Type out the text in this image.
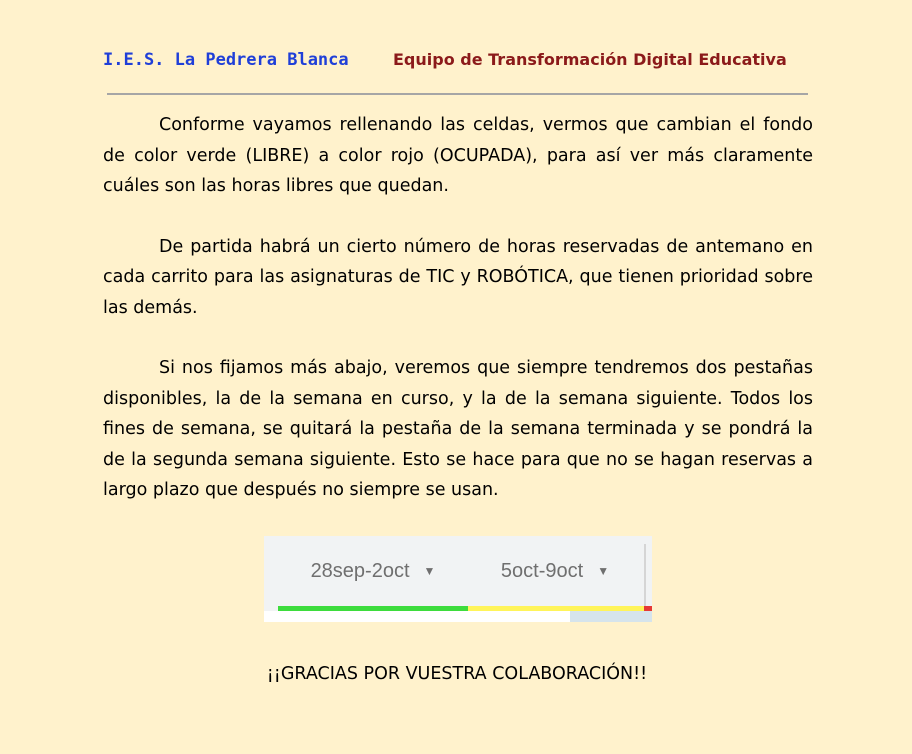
I.E.S. La Pedrera Blanca	Equipo de Transformación Digital Educativa

Conforme vayamos rellenando las celdas, vermos que cambian el fondo de color verde (LIBRE) a color rojo (OCUPADA), para así ver más claramente cuáles son las horas libres que quedan.

De partida habrá un cierto número de horas reservadas de antemano en cada carrito para las asignaturas de TIC y ROBÓTICA, que tienen prioridad sobre las demás.

Si nos fijamos más abajo, veremos que siempre tendremos dos pestañas disponibles, la de la semana en curso, y la de la semana siguiente. Todos los fines de semana, se quitará la pestaña de la semana terminada y se pondrá la de la segunda semana siguiente. Esto se hace para que no se hagan reservas a largo plazo que después no siempre se usan.

28sep-2oct ▼	5oct-9oct ▼
¡¡GRACIAS POR VUESTRA COLABORACIÓN!!
